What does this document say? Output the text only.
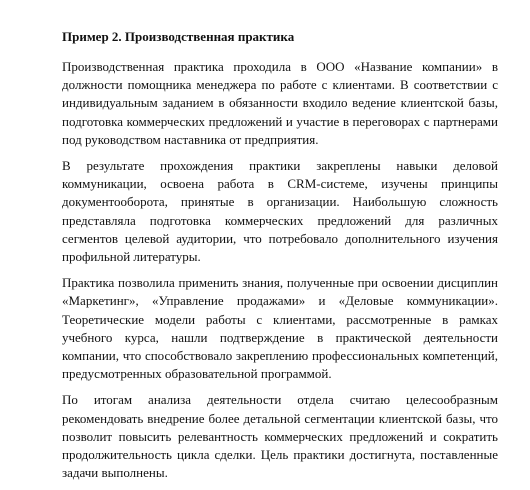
Пример 2. Производственная практика

Производственная практика проходила в ООО «Название компании» в должности помощника менеджера по работе с клиентами. В соответствии с индивидуальным заданием в обязанности входило ведение клиентской базы, подготовка коммерческих предложений и участие в переговорах с партнерами под руководством наставника от предприятия.

В результате прохождения практики закреплены навыки деловой коммуникации, освоена работа в CRM-системе, изучены принципы документооборота, принятые в организации. Наибольшую сложность представляла подготовка коммерческих предложений для различных сегментов целевой аудитории, что потребовало дополнительного изучения профильной литературы.

Практика позволила применить знания, полученные при освоении дисциплин «Маркетинг», «Управление продажами» и «Деловые коммуникации». Теоретические модели работы с клиентами, рассмотренные в рамках учебного курса, нашли подтверждение в практической деятельности компании, что способствовало закреплению профессиональных компетенций, предусмотренных образовательной программой.

По итогам анализа деятельности отдела считаю целесообразным рекомендовать внедрение более детальной сегментации клиентской базы, что позволит повысить релевантность коммерческих предложений и сократить продолжительность цикла сделки. Цель практики достигнута, поставленные задачи выполнены.
